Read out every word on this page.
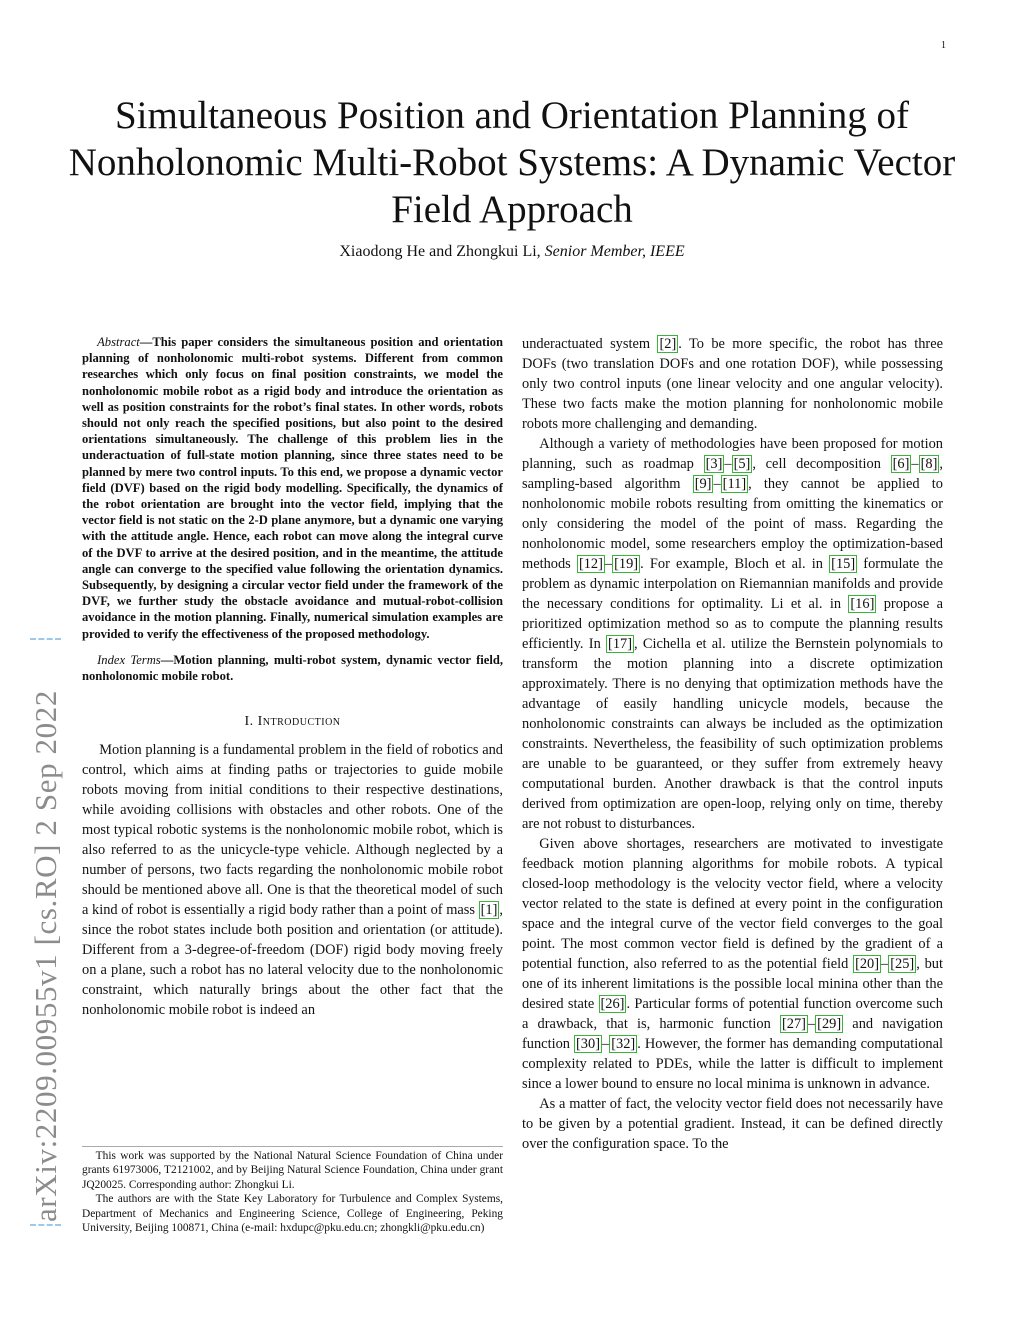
1
Simultaneous Position and Orientation Planning of Nonholonomic Multi-Robot Systems: A Dynamic Vector Field Approach
Xiaodong He and Zhongkui Li, Senior Member, IEEE
arXiv:2209.00955v1 [cs.RO] 2 Sep 2022

Abstract—This paper considers the simultaneous position and orientation planning of nonholonomic multi-robot systems. Different from common researches which only focus on final position constraints, we model the nonholonomic mobile robot as a rigid body and introduce the orientation as well as position constraints for the robot’s final states. In other words, robots should not only reach the specified positions, but also point to the desired orientations simultaneously. The challenge of this problem lies in the underactuation of full-state motion planning, since three states need to be planned by mere two control inputs. To this end, we propose a dynamic vector field (DVF) based on the rigid body modelling. Specifically, the dynamics of the robot orientation are brought into the vector field, implying that the vector field is not static on the 2-D plane anymore, but a dynamic one varying with the attitude angle. Hence, each robot can move along the integral curve of the DVF to arrive at the desired position, and in the meantime, the attitude angle can converge to the specified value following the orientation dynamics. Subsequently, by designing a circular vector field under the framework of the DVF, we further study the obstacle avoidance and mutual-robot-collision avoidance in the motion planning. Finally, numerical simulation examples are provided to verify the effectiveness of the proposed methodology.

Index Terms—Motion planning, multi-robot system, dynamic vector field, nonholonomic mobile robot.

I. Introduction

Motion planning is a fundamental problem in the field of robotics and control, which aims at finding paths or trajectories to guide mobile robots moving from initial conditions to their respective destinations, while avoiding collisions with obstacles and other robots. One of the most typical robotic systems is the nonholonomic mobile robot, which is also referred to as the unicycle-type vehicle. Although neglected by a number of persons, two facts regarding the nonholonomic mobile robot should be mentioned above all. One is that the theoretical model of such a kind of robot is essentially a rigid body rather than a point of mass [1] , since the robot states include both position and orientation (or attitude). Different from a 3-degree-of-freedom (DOF) rigid body moving freely on a plane, such a robot has no lateral velocity due to the nonholonomic constraint, which naturally brings about the other fact that the nonholonomic mobile robot is indeed an

This work was supported by the National Natural Science Foundation of China under grants 61973006, T2121002, and by Beijing Natural Science Foundation, China under grant JQ20025. Corresponding author: Zhongkui Li.

The authors are with the State Key Laboratory for Turbulence and Complex Systems, Department of Mechanics and Engineering Science, College of Engineering, Peking University, Beijing 100871, China (e-mail: hxdupc@pku.edu.cn; zhongkli@pku.edu.cn)

underactuated system [2] . To be more specific, the robot has three DOFs (two translation DOFs and one rotation DOF), while possessing only two control inputs (one linear velocity and one angular velocity). These two facts make the motion planning for nonholonomic mobile robots more challenging and demanding.

Although a variety of methodologies have been proposed for motion planning, such as roadmap [3] – [5] , cell decomposition [6] – [8] , sampling-based algorithm [9] – [11] , they cannot be applied to nonholonomic mobile robots resulting from omitting the kinematics or only considering the model of the point of mass. Regarding the nonholonomic model, some researchers employ the optimization-based methods [12] – [19] . For example, Bloch et al. in [15] formulate the problem as dynamic interpolation on Riemannian manifolds and provide the necessary conditions for optimality. Li et al. in [16] propose a prioritized optimization method so as to compute the planning results efficiently. In [17] , Cichella et al. utilize the Bernstein polynomials to transform the motion planning into a discrete optimization approximately. There is no denying that optimization methods have the advantage of easily handling unicycle models, because the nonholonomic constraints can always be included as the optimization constraints. Nevertheless, the feasibility of such optimization problems are unable to be guaranteed, or they suffer from extremely heavy computational burden. Another drawback is that the control inputs derived from optimization are open-loop, relying only on time, thereby are not robust to disturbances.

Given above shortages, researchers are motivated to investigate feedback motion planning algorithms for mobile robots. A typical closed-loop methodology is the velocity vector field, where a velocity vector related to the state is defined at every point in the configuration space and the integral curve of the vector field converges to the goal point. The most common vector field is defined by the gradient of a potential function, also referred to as the potential field [20] – [25] , but one of its inherent limitations is the possible local minina other than the desired state [26] . Particular forms of potential function overcome such a drawback, that is, harmonic function [27] – [29] and navigation function [30] – [32] . However, the former has demanding computational complexity related to PDEs, while the latter is difficult to implement since a lower bound to ensure no local minima is unknown in advance.

As a matter of fact, the velocity vector field does not necessarily have to be given by a potential gradient. Instead, it can be defined directly over the configuration space. To the
